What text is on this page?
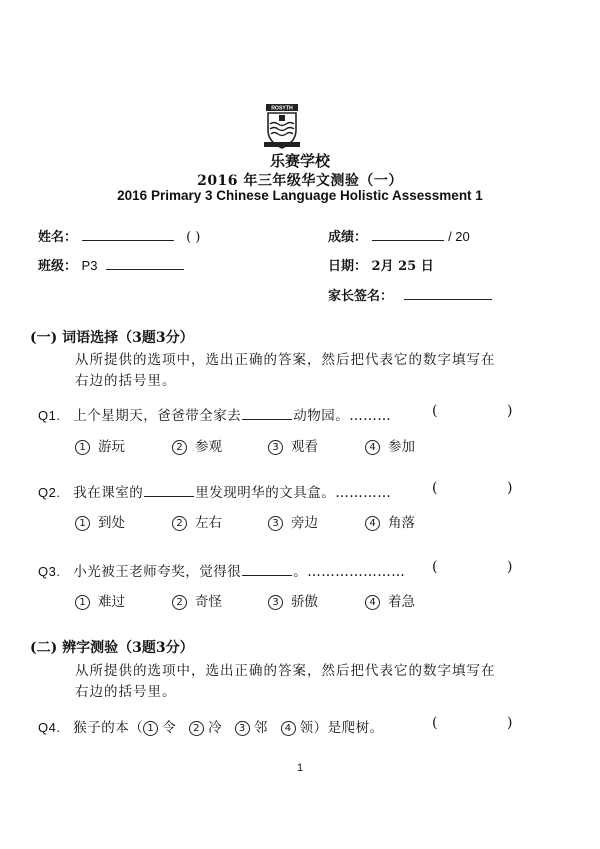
ROSYTH
乐赛学校
2016 年三年级华文测验（一）
2016 Primary 3 Chinese Language Holistic Assessment 1
姓名：	( )	成绩：	/ 20
班级： P3	日期： 2月 25 日
家长签名：
(一) 词语选择（3题3分）
从所提供的选项中，选出正确的答案，然后把代表它的数字填写在
右边的括号里。
Q1. 上个星期天，爸爸带全家去	动物园。………	(	)
1 游玩	2 参观	3 观看	4 参加
Q2. 我在课室的	里发现明华的文具盒。…………	(	)
1 到处	2 左右	3 旁边	4 角落
Q3. 小光被王老师夸奖，觉得很	。………………… (	)
1 难过	2 奇怪	3 骄傲	4 着急
(二) 辨字测验（3题3分）
从所提供的选项中，选出正确的答案，然后把代表它的数字填写在
右边的括号里。
Q4. 猴子的本（ 1 令 2 冷 3 邻 4 领）是爬树。	(	)
1
